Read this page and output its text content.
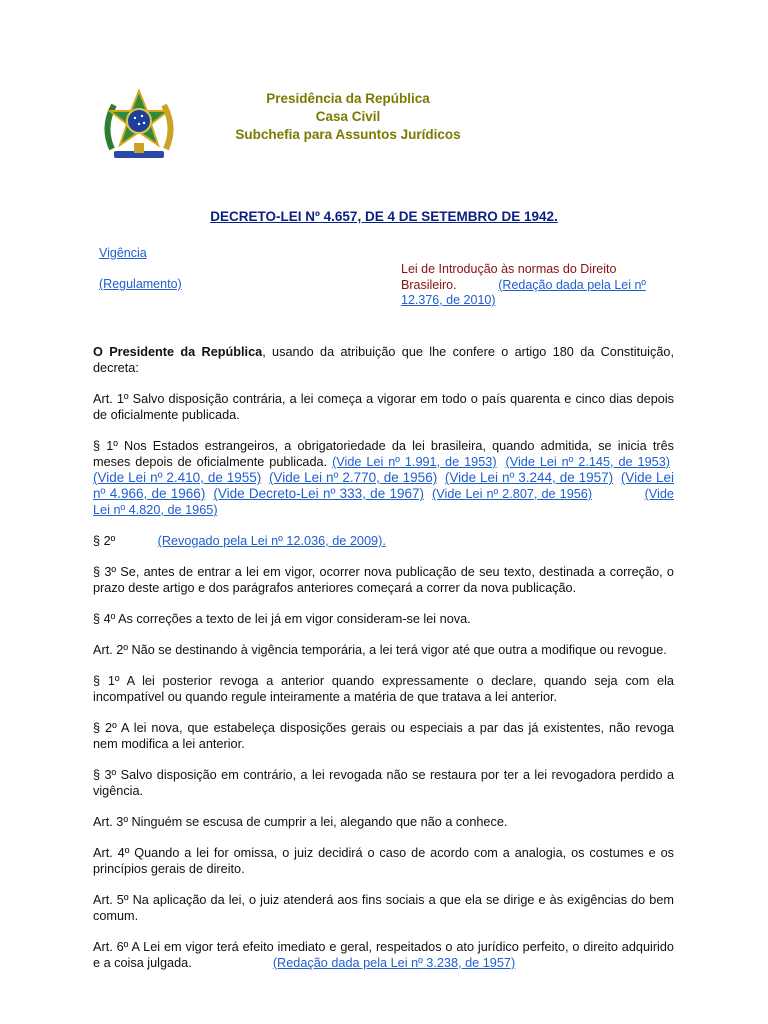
Presidência da República
Casa Civil
Subchefia para Assuntos Jurídicos
DECRETO-LEI Nº 4.657, DE 4 DE SETEMBRO DE 1942.
Vigência
(Regulamento)
Lei de Introdução às normas do Direito Brasileiro.	(Redação dada pela Lei nº 12.376, de 2010)

O Presidente da República, usando da atribuição que lhe confere o artigo 180 da Constituição, decreta:

Art. 1º Salvo disposição contrária, a lei começa a vigorar em todo o país quarenta e cinco dias depois de oficialmente publicada.

§ 1º Nos Estados estrangeiros, a obrigatoriedade da lei brasileira, quando admitida, se inicia três meses depois de oficialmente publicada. (Vide Lei nº 1.991, de 1953) (Vide Lei nº 2.145, de 1953) (Vide Lei nº 2.410, de 1955) (Vide Lei nº 2.770, de 1956) (Vide Lei nº 3.244, de 1957) (Vide Lei nº 4.966, de 1966) (Vide Decreto-Lei nº 333, de 1967) (Vide Lei nº 2.807, de 1956)	(Vide Lei nº 4.820, de 1965)

§ 2º	(Revogado pela Lei nº 12.036, de 2009).

§ 3º Se, antes de entrar a lei em vigor, ocorrer nova publicação de seu texto, destinada a correção, o prazo deste artigo e dos parágrafos anteriores começará a correr da nova publicação.

§ 4º As correções a texto de lei já em vigor consideram-se lei nova.

Art. 2º Não se destinando à vigência temporária, a lei terá vigor até que outra a modifique ou revogue.

§ 1º A lei posterior revoga a anterior quando expressamente o declare, quando seja com ela incompatível ou quando regule inteiramente a matéria de que tratava a lei anterior.

§ 2º A lei nova, que estabeleça disposições gerais ou especiais a par das já existentes, não revoga nem modifica a lei anterior.

§ 3º Salvo disposição em contrário, a lei revogada não se restaura por ter a lei revogadora perdido a vigência.

Art. 3º Ninguém se escusa de cumprir a lei, alegando que não a conhece.

Art. 4º Quando a lei for omissa, o juiz decidirá o caso de acordo com a analogia, os costumes e os princípios gerais de direito.

Art. 5º Na aplicação da lei, o juiz atenderá aos fins sociais a que ela se dirige e às exigências do bem comum.

Art. 6º A Lei em vigor terá efeito imediato e geral, respeitados o ato jurídico perfeito, o direito adquirido e a coisa julgada.	(Redação dada pela Lei nº 3.238, de 1957)
